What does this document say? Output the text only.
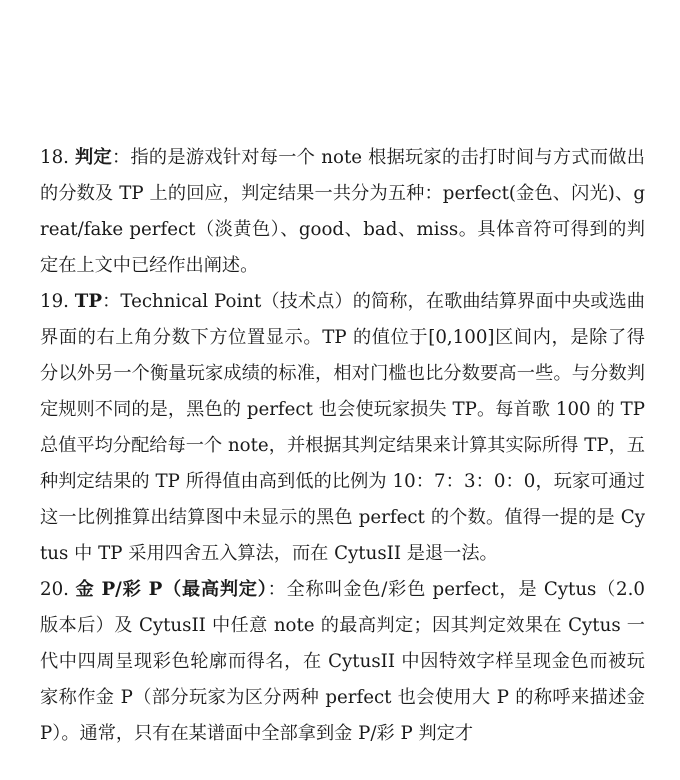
18. 判定：指的是游戏针对每一个 note 根据玩家的击打时间与方式而做出的分数及 TP 上的回应，判定结果一共分为五种：perfect(金色、闪光)、great/fake perfect（淡黄色）、good、bad、miss。具体音符可得到的判定在上文中已经作出阐述。

19. TP：Technical Point（技术点）的简称，在歌曲结算界面中央或选曲界面的右上角分数下方位置显示。TP 的值位于[0,100]区间内，是除了得分以外另一个衡量玩家成绩的标准，相对门槛也比分数要高一些。与分数判定规则不同的是，黑色的 perfect 也会使玩家损失 TP。每首歌 100 的 TP 总值平均分配给每一个 note，并根据其判定结果来计算其实际所得 TP，五种判定结果的 TP 所得值由高到低的比例为 10：7：3：0：0，玩家可通过这一比例推算出结算图中未显示的黑色 perfect 的个数。值得一提的是 Cytus 中 TP 采用四舍五入算法，而在 CytusII 是退一法。

20. 金 P/彩 P（最高判定）：全称叫金色/彩色 perfect，是 Cytus（2.0 版本后）及 CytusII 中任意 note 的最高判定；因其判定效果在 Cytus 一代中四周呈现彩色轮廓而得名，在 CytusII 中因特效字样呈现金色而被玩家称作金 P（部分玩家为区分两种 perfect 也会使用大 P 的称呼来描述金 P）。通常，只有在某谱面中全部拿到金 P/彩 P 判定才
